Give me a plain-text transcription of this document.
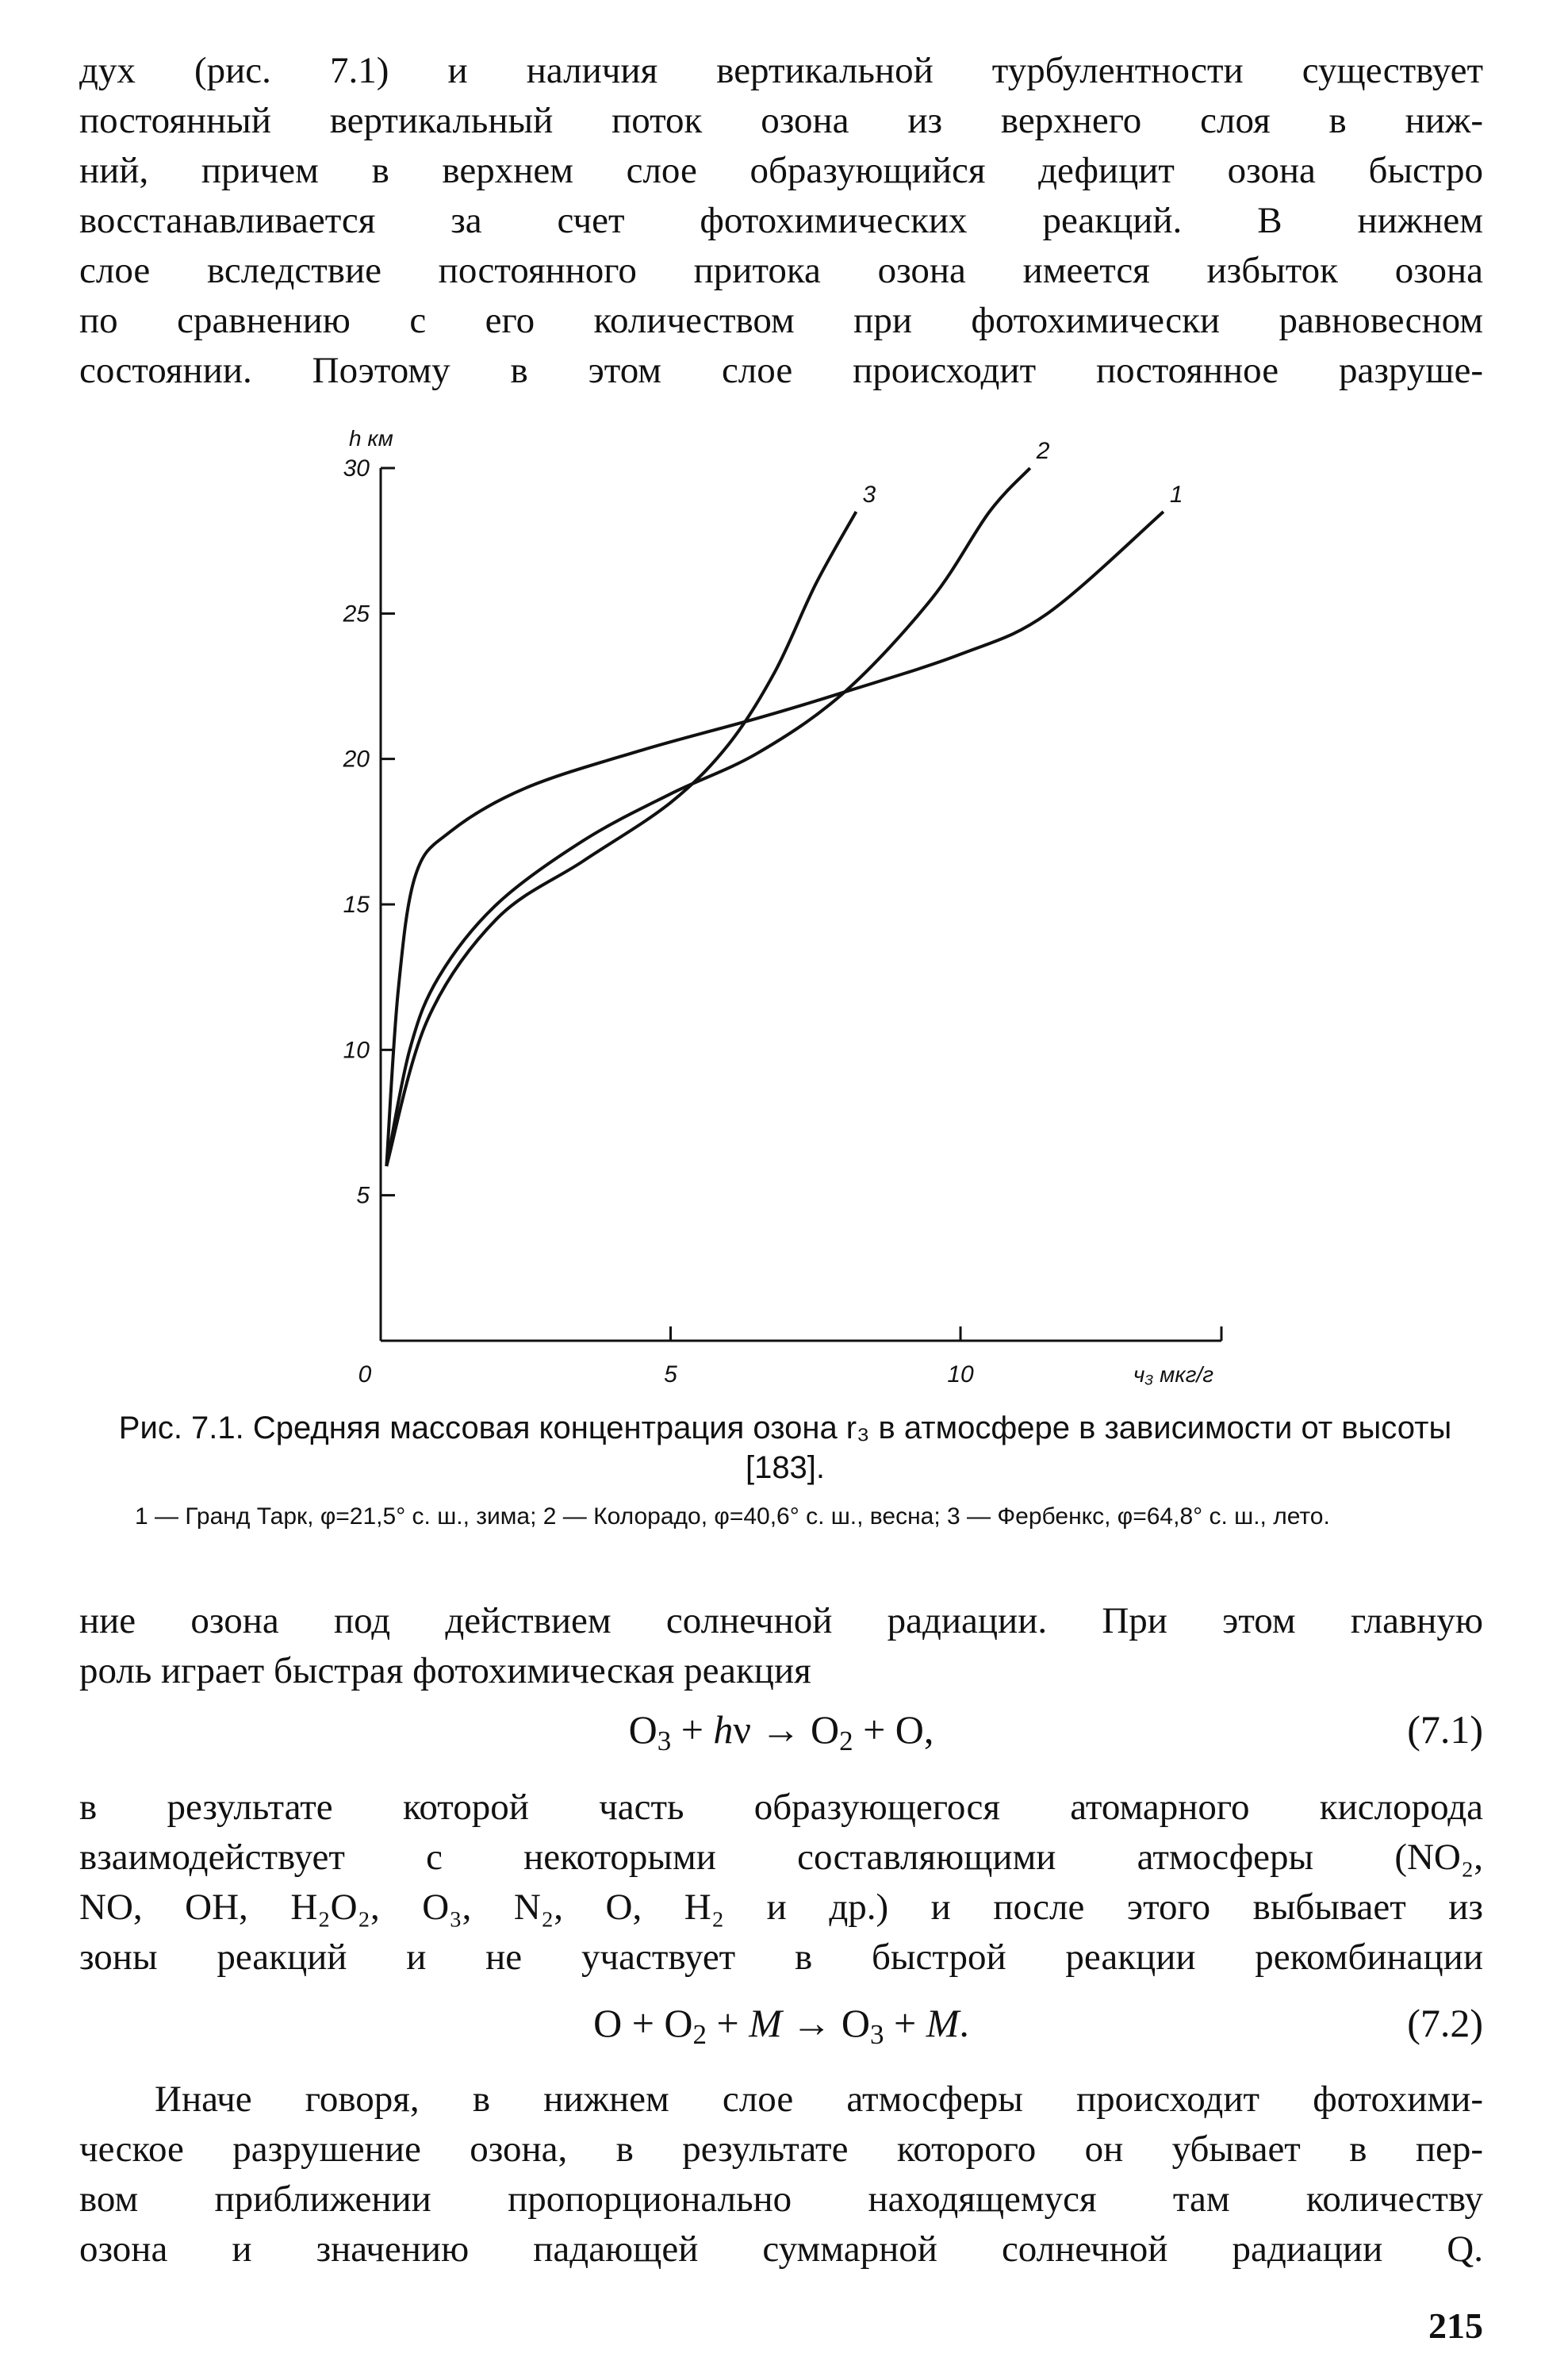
дух (рис. 7.1) и наличия вертикальной турбулентности существует
постоянный вертикальный поток озона из верхнего слоя в ниж-
ний, причем в верхнем слое образующийся дефицит озона быстро
восстанавливается за счет фотохимических реакций. В нижнем
слое вследствие постоянного притока озона имеется избыток озона
по сравнению с его количеством при фотохимически равновесном
состоянии. Поэтому в этом слое происходит постоянное разруше-
5
10
15
20
25
30
0	5	10
h км
ч₃ мкг/г
1
2
3
Рис. 7.1. Средняя массовая концентрация озона r₃ в атмосфере в зависимости от высоты [183].
1 — Гранд Тарк, φ=21,5° с. ш., зима; 2 — Колорадо, φ=40,6° с. ш., весна; 3 — Фербенкс, φ=64,8° с. ш., лето.
ние озона под действием солнечной радиации. При этом главную
роль играет быстрая фотохимическая реакция
$O_3 + h\nu \to O_2 + O$,	(7.1)
в результате которой часть образующегося атомарного кислорода
взаимодействует с некоторыми составляющими атмосферы (NO₂,
NO, OH, H₂O₂, O₃, N₂, O, H₂ и др.) и после этого выбывает из
зоны реакций и не участвует в быстрой реакции рекомбинации
$O + O_2 + M \to O_3 + M$.	(7.2)
Иначе говоря, в нижнем слое атмосферы происходит фотохими-
ческое разрушение озона, в результате которого он убывает в пер-
вом приближении пропорционально находящемуся там количеству
озона и значению падающей суммарной солнечной радиации Q.
215
